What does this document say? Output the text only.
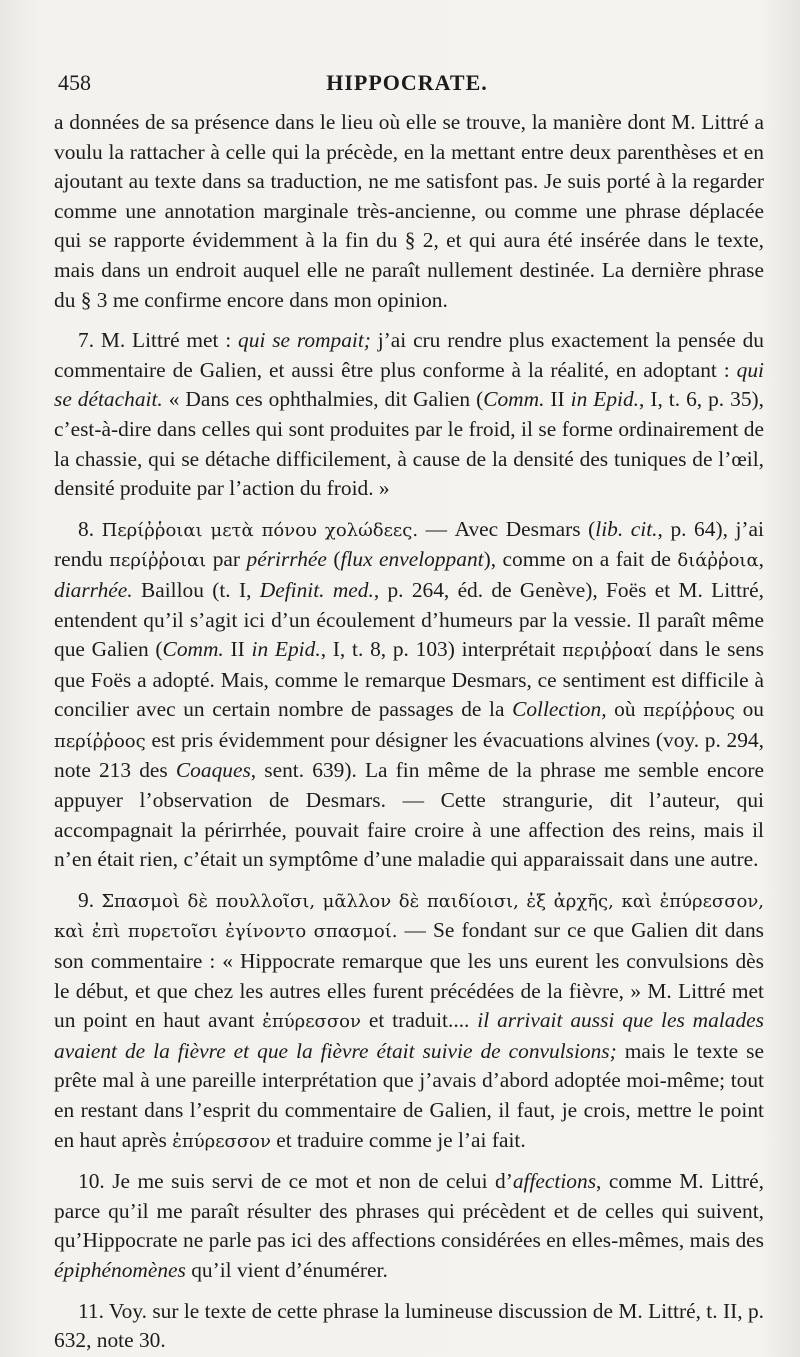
458	HIPPOCRATE.

a données de sa présence dans le lieu où elle se trouve, la manière dont M. Littré a voulu la rattacher à celle qui la précède, en la mettant entre deux parenthèses et en ajoutant au texte dans sa traduction, ne me satisfont pas. Je suis porté à la regarder comme une annotation marginale très-ancienne, ou comme une phrase déplacée qui se rapporte évidemment à la fin du § 2, et qui aura été insérée dans le texte, mais dans un endroit auquel elle ne paraît nullement destinée. La dernière phrase du § 3 me confirme encore dans mon opinion.

7. M. Littré met : qui se rompait; j’ai cru rendre plus exactement la pensée du commentaire de Galien, et aussi être plus conforme à la réalité, en adoptant : qui se détachait. « Dans ces ophthalmies, dit Galien (Comm. II in Epid., I, t. 6, p. 35), c’est-à-dire dans celles qui sont produites par le froid, il se forme ordinairement de la chassie, qui se détache difficilement, à cause de la densité des tuniques de l’œil, densité produite par l’action du froid. »

8. Περίῤῥοιαι μετὰ πόνου χολώδεες. — Avec Desmars (lib. cit., p. 64), j’ai rendu περίῤῥοιαι par périrrhée (flux enveloppant), comme on a fait de διάῤῥοια, diarrhée. Baillou (t. I, Definit. med., p. 264, éd. de Genève), Foës et M. Littré, entendent qu’il s’agit ici d’un écoulement d’humeurs par la vessie. Il paraît même que Galien (Comm. II in Epid., I, t. 8, p. 103) interprétait περιῤῥοαί dans le sens que Foës a adopté. Mais, comme le remarque Desmars, ce sentiment est difficile à concilier avec un certain nombre de passages de la Collection, où περίῤῥους ou περίῤῥοος est pris évidemment pour désigner les évacuations alvines (voy. p. 294, note 213 des Coaques, sent. 639). La fin même de la phrase me semble encore appuyer l’observation de Desmars. — Cette strangurie, dit l’auteur, qui accompagnait la périrrhée, pouvait faire croire à une affection des reins, mais il n’en était rien, c’était un symptôme d’une maladie qui apparaissait dans une autre.

9. Σπασμοὶ δὲ πουλλοῖσι, μᾶλλον δὲ παιδίοισι, ἐξ ἀρχῆς, καὶ ἐπύρεσσον, καὶ ἐπὶ πυρετοῖσι ἐγίνοντο σπασμοί. — Se fondant sur ce que Galien dit dans son commentaire : « Hippocrate remarque que les uns eurent les convulsions dès le début, et que chez les autres elles furent précédées de la fièvre, » M. Littré met un point en haut avant ἐπύρεσσον et traduit.... il arrivait aussi que les malades avaient de la fièvre et que la fièvre était suivie de convulsions; mais le texte se prête mal à une pareille interprétation que j’avais d’abord adoptée moi-même; tout en restant dans l’esprit du commentaire de Galien, il faut, je crois, mettre le point en haut après ἐπύρεσσον et traduire comme je l’ai fait.

10. Je me suis servi de ce mot et non de celui d’affections, comme M. Littré, parce qu’il me paraît résulter des phrases qui précèdent et de celles qui suivent, qu’Hippocrate ne parle pas ici des affections considérées en elles-mêmes, mais des épiphénomènes qu’il vient d’énumérer.

11. Voy. sur le texte de cette phrase la lumineuse discussion de M. Littré, t. II, p. 632, note 30.
